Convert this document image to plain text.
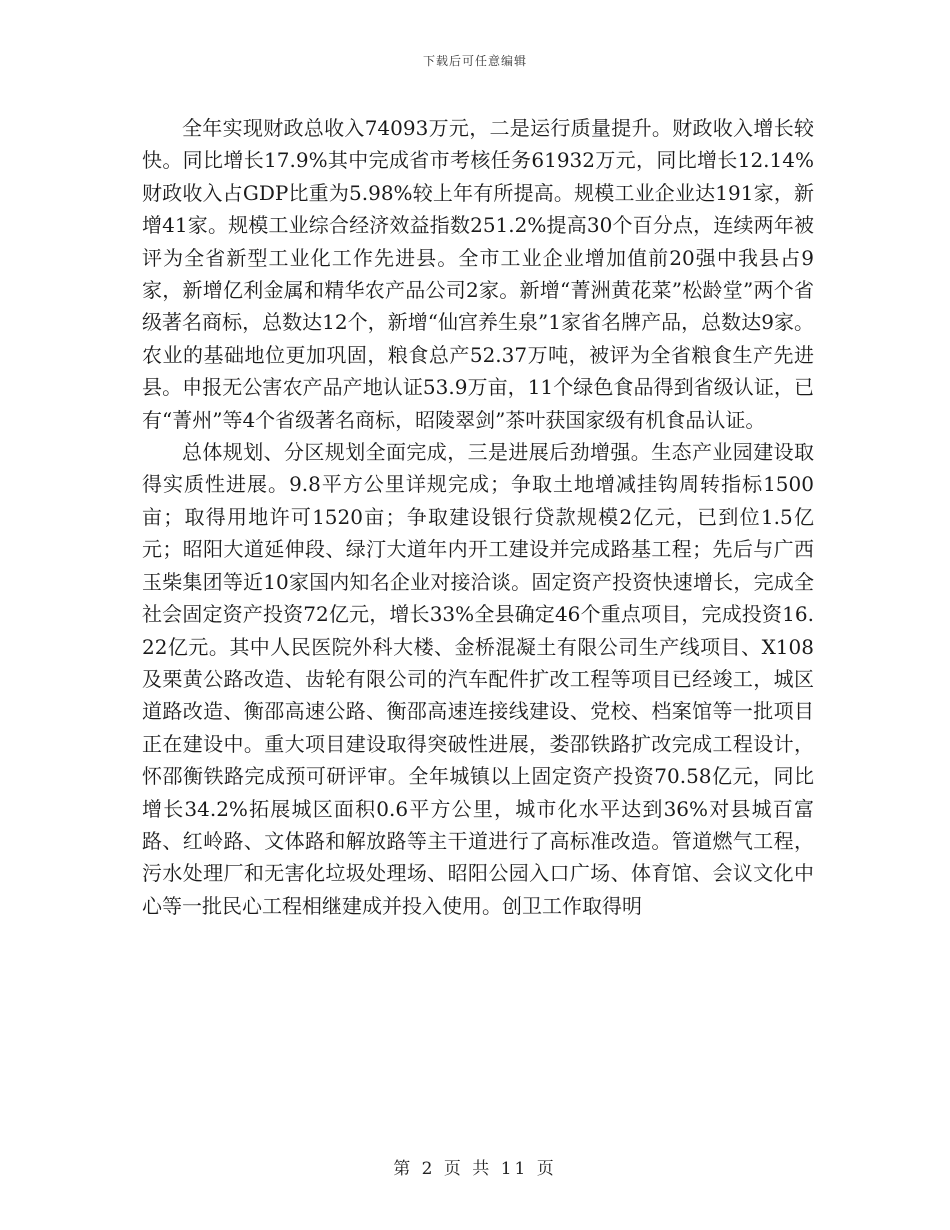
下载后可任意编辑

全年实现财政总收入74093万元，二是运行质量提升。财政收入增长较快。同比增长17.9%其中完成省市考核任务61932万元，同比增长12.14%财政收入占GDP比重为5.98%较上年有所提高。规模工业企业达191家，新增41家。规模工业综合经济效益指数251.2%提高30个百分点，连续两年被评为全省新型工业化工作先进县。全市工业企业增加值前20强中我县占9家，新增亿利金属和精华农产品公司2家。新增“菁洲黄花菜”松龄堂”两个省级著名商标，总数达12个，新增“仙宫养生泉”1家省名牌产品，总数达9家。农业的基础地位更加巩固，粮食总产52.37万吨，被评为全省粮食生产先进县。申报无公害农产品产地认证53.9万亩，11个绿色食品得到省级认证，已有“菁州”等4个省级著名商标，昭陵翠剑”茶叶获国家级有机食品认证。

总体规划、分区规划全面完成，三是进展后劲增强。生态产业园建设取得实质性进展。9.8平方公里详规完成；争取土地增减挂钩周转指标1500亩；取得用地许可1520亩；争取建设银行贷款规模2亿元，已到位1.5亿元；昭阳大道延伸段、绿汀大道年内开工建设并完成路基工程；先后与广西玉柴集团等近10家国内知名企业对接洽谈。固定资产投资快速增长，完成全社会固定资产投资72亿元，增长33%全县确定46个重点项目，完成投资16.22亿元。其中人民医院外科大楼、金桥混凝土有限公司生产线项目、X108及栗黄公路改造、齿轮有限公司的汽车配件扩改工程等项目已经竣工，城区道路改造、衡邵高速公路、衡邵高速连接线建设、党校、档案馆等一批项目正在建设中。重大项目建设取得突破性进展，娄邵铁路扩改完成工程设计，怀邵衡铁路完成预可研评审。全年城镇以上固定资产投资70.58亿元，同比增长34.2%拓展城区面积0.6平方公里，城市化水平达到36%对县城百富路、红岭路、文体路和解放路等主干道进行了高标准改造。管道燃气工程，污水处理厂和无害化垃圾处理场、昭阳公园入口广场、体育馆、会议文化中心等一批民心工程相继建成并投入使用。创卫工作取得明

第 2 页 共 11 页
